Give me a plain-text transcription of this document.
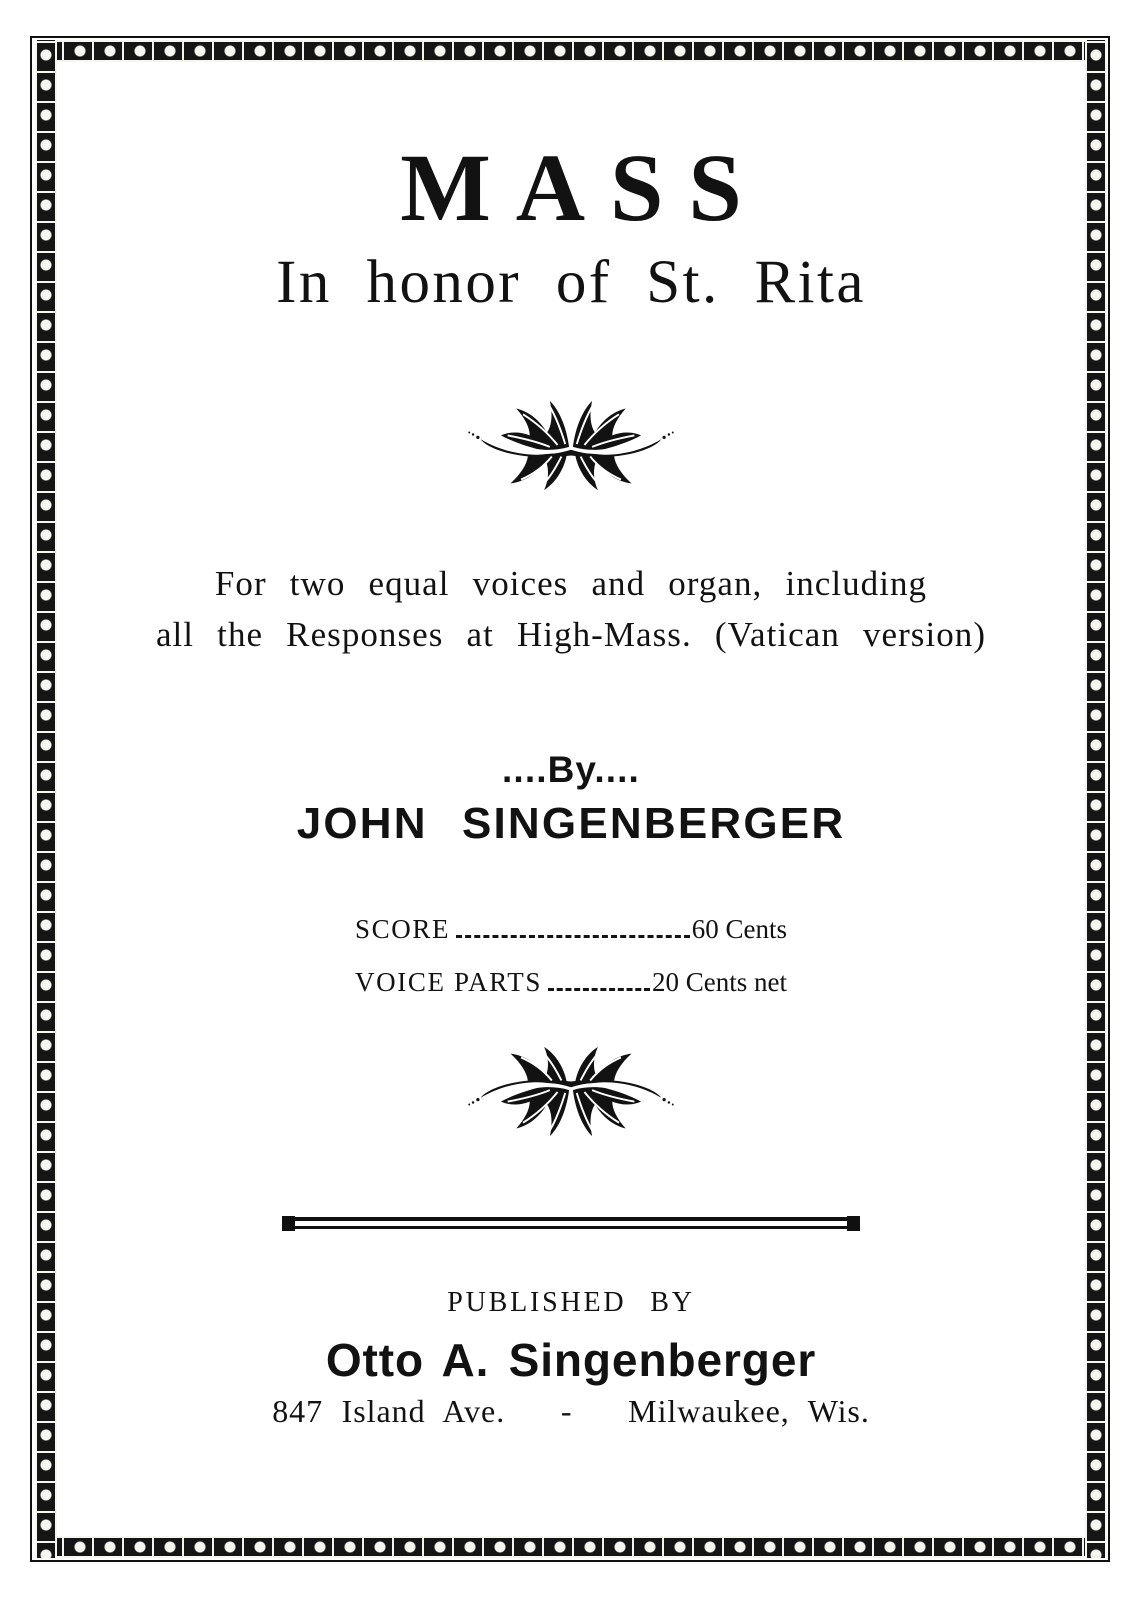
MASS
In honor of St. Rita
For two equal voices and organ, including
all the Responses at High-Mass. (Vatican version)
....By....
JOHN SINGENBERGER
SCORE	60 Cents
VOICE PARTS	20 Cents net
PUBLISHED BY
Otto A. Singenberger
847 Island Ave.   -   Milwaukee, Wis.
